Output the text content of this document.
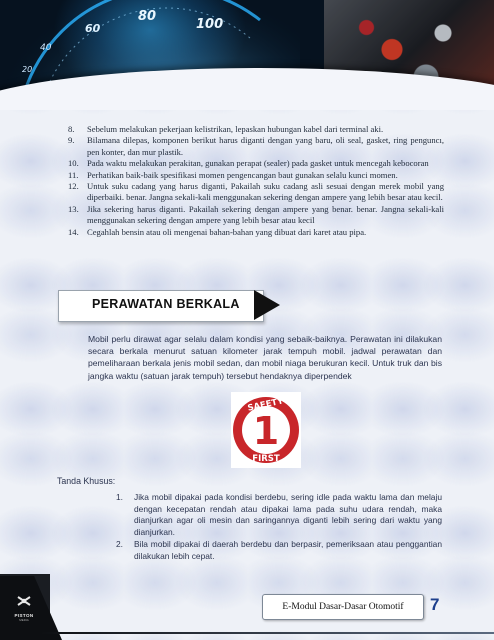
20
40
60
80
100
8.	Sebelum melakukan pekerjaan kelistrikan, lepaskan hubungan kabel dari terminal aki.
9.	Bilamana dilepas, komponen berikut harus diganti dengan yang baru, oli seal, gasket, ring penguncı, pen konter, dan mur plastik.
10. Pada waktu melakukan perakitan, gunakan perapat (sealer) pada gasket untuk mencegah kebocoran
11. Perhatikan baik-baik spesifikasi momen pengencangan baut gunakan selalu kunci momen.
12. Untuk suku cadang yang harus diganti, Pakailah suku cadang asli sesuai dengan merek mobil yang diperbaiki. benar. Jangna sekali-kali menggunakan sekering dengan ampere yang lebih besar atau kecil.
13. Jika sekering harus diganti. Pakailah sekering dengan ampere yang benar. benar. Jangna sekali-kali menggunakan sekering dengan ampere yang lebih besar atau kecil
14. Cegahlah bensin atau oli mengenai bahan-bahan yang dibuat dari karet atau pipa.
PERAWATAN BERKALA

Mobil perlu dirawat agar selalu dalam kondisi yang sebaik-baiknya. Perawatan ini dilakukan secara berkala menurut satuan kilometer jarak tempuh mobil. jadwal perawatan dan pemeliharaan berkala jenis mobil sedan, dan mobil niaga berukuran kecil. Untuk truk dan bis jangka waktu (satuan jarak tempuh) tersebut hendaknya diperpendek

SAFETY
1
FIRST
Tanda Khusus:
1.	Jika mobil dipakai pada kondisi berdebu, sering idle pada waktu lama dan melaju dengan kecepatan rendah atau dipakai lama pada suhu udara rendah, maka dianjurkan agar oli mesin dan saringannya diganti lebih sering dari waktu yang dianjurkan.
2.	Bila mobil dipakai di daerah berdebu dan berpasir, pemeriksaan atau penggantian dilakukan lebih cepat.
PISTON
MEDIA
E-Modul Dasar-Dasar Otomotif	7
